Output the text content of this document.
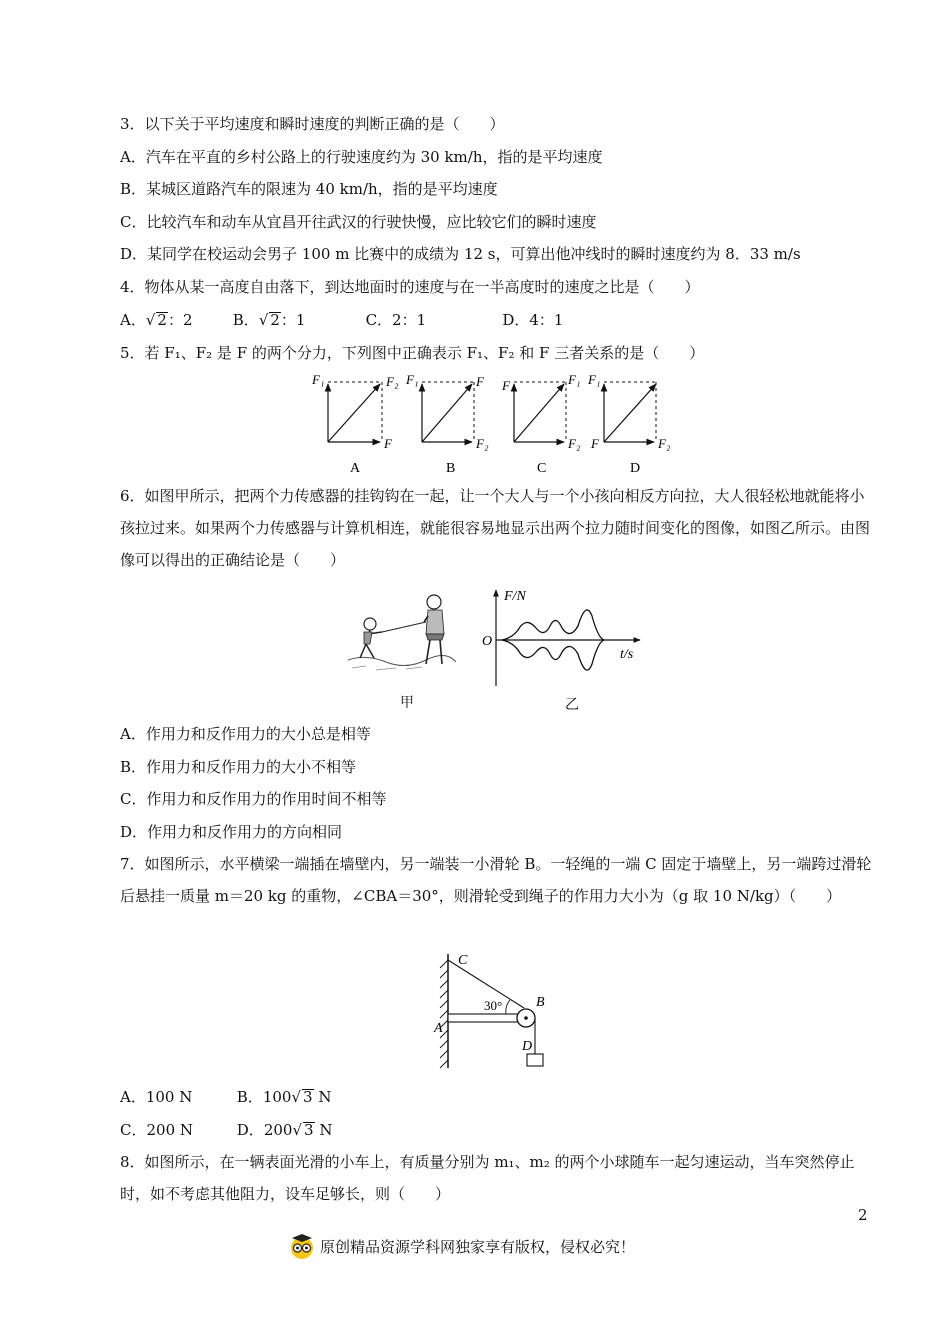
3．以下关于平均速度和瞬时速度的判断正确的是（　　）
A．汽车在平直的乡村公路上的行驶速度约为 30 km/h，指的是平均速度
B．某城区道路汽车的限速为 40 km/h，指的是平均速度
C．比较汽车和动车从宜昌开往武汉的行驶快慢，应比较它们的瞬时速度
D．某同学在校运动会男子 100 m 比赛中的成绩为 12 s，可算出他冲线时的瞬时速度约为 8．33 m/s
4．物体从某一高度自由落下，到达地面时的速度与在一半高度时的速度之比是（　　）
A．√ 2：2	B．√ 2：1	C．2：1	D．4：1
5．若 F₁、F₂ 是 F 的两个分力，下列图中正确表示 F₁、F₂ 和 F 三者关系的是（　　）
F₁	F₂
F
A
F₁	F
F₂
B
F	F₁
F₂
C
F₁
F₂
F
D
6．如图甲所示，把两个力传感器的挂钩钩在一起，让一个大人与一个小孩向相反方向拉，大人很轻松地就能将小孩拉过来。如果两个力传感器与计算机相连，就能很容易地显示出两个拉力随时间变化的图像，如图乙所示。由图像可以得出的正确结论是（　　）
甲
F/N
O
t/s
乙
A．作用力和反作用力的大小总是相等
B．作用力和反作用力的大小不相等
C．作用力和反作用力的作用时间不相等
D．作用力和反作用力的方向相同
7．如图所示，水平横梁一端插在墙壁内，另一端装一小滑轮 B。一轻绳的一端 C 固定于墙壁上，另一端跨过滑轮后悬挂一质量 m＝20 kg 的重物，∠CBA＝30°，则滑轮受到绳子的作用力大小为（g 取 10 N/kg）（　　）
30°
C
B
A
D
A．100 N	B．100√ 3 N
C．200 N	D．200√ 3 N
8．如图所示，在一辆表面光滑的小车上，有质量分别为 m₁、m₂ 的两个小球随车一起匀速运动，当车突然停止时，如不考虑其他阻力，设车足够长，则（　　）
2
原创精品资源学科网独家享有版权，侵权必究！
